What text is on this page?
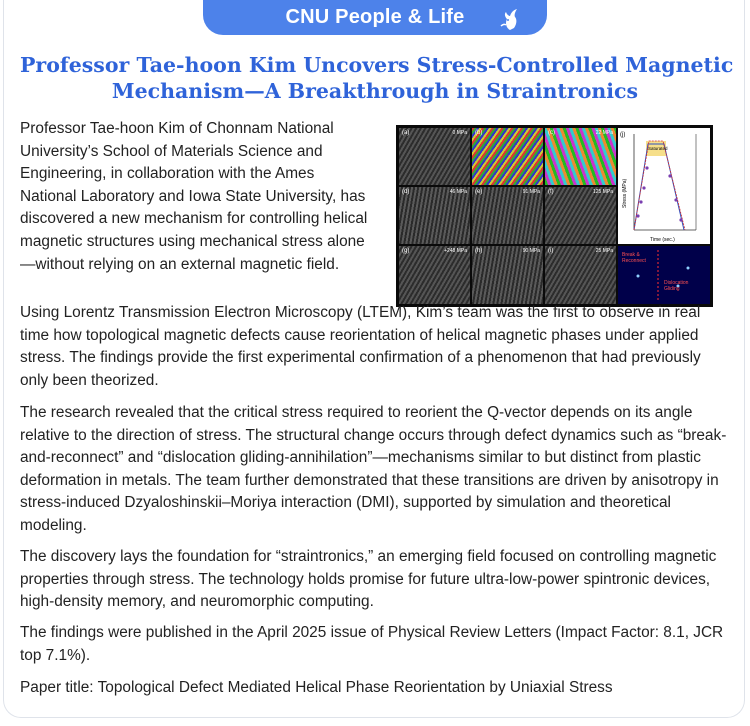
CNU People & Life
Professor Tae-hoon Kim Uncovers Stress-Controlled Magnetic
Mechanism—A Breakthrough in Straintronics
Professor Tae-hoon Kim of Chonnam National University’s School of Materials Science and Engineering, in collaboration with the Ames National Laboratory and Iowa State University, has discovered a new mechanism for controlling helical magnetic structures using mechanical stress alone—without relying on an external magnetic field.
(a)	0 MPa (b)	(c)	22 MPa
(d)	46 MPa (e)	91 MPa (f)	125 MPa
(g)	+248 MPa (h)	90 MPa (i)	25 MPa
(j)
Saturated
Stress (MPa)
Time (sec.)
Break & Reconnect
Dislocation Gliding
Using Lorentz Transmission Electron Microscopy (LTEM), Kim’s team was the first to observe in real time how topological magnetic defects cause reorientation of helical magnetic phases under applied stress. The findings provide the first experimental confirmation of a phenomenon that had previously only been theorized.
The research revealed that the critical stress required to reorient the Q-vector depends on its angle relative to the direction of stress. The structural change occurs through defect dynamics such as “break-and-reconnect” and “dislocation gliding-annihilation”—mechanisms similar to but distinct from plastic deformation in metals. The team further demonstrated that these transitions are driven by anisotropy in stress-induced Dzyaloshinskii–Moriya interaction (DMI), supported by simulation and theoretical modeling.
The discovery lays the foundation for “straintronics,” an emerging field focused on controlling magnetic properties through stress. The technology holds promise for future ultra-low-power spintronic devices, high-density memory, and neuromorphic computing.
The findings were published in the April 2025 issue of Physical Review Letters (Impact Factor: 8.1, JCR top 7.1%).
Paper title: Topological Defect Mediated Helical Phase Reorientation by Uniaxial Stress
